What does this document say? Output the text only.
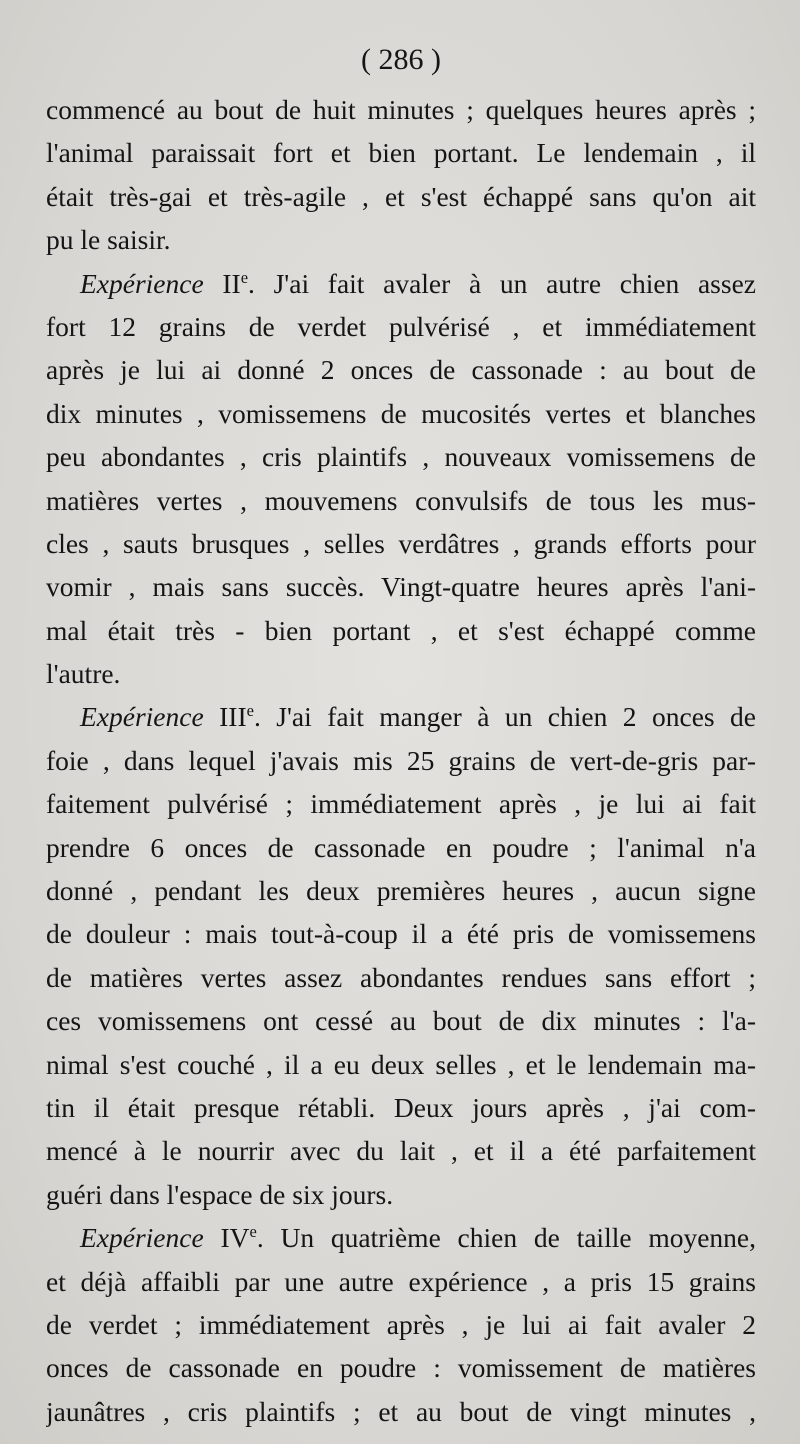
( 286 )
commencé au bout de huit minutes ; quelques heures après ;
l'animal paraissait fort et bien portant. Le lendemain , il
était très-gai et très-agile , et s'est échappé sans qu'on ait
pu le saisir.
Expérience IIe. J'ai fait avaler à un autre chien assez
fort 12 grains de verdet pulvérisé , et immédiatement
après je lui ai donné 2 onces de cassonade : au bout de
dix minutes , vomissemens de mucosités vertes et blanches
peu abondantes , cris plaintifs , nouveaux vomissemens de
matières vertes , mouvemens convulsifs de tous les mus-
cles , sauts brusques , selles verdâtres , grands efforts pour
vomir , mais sans succès. Vingt-quatre heures après l'ani-
mal était très - bien portant , et s'est échappé comme
l'autre.
Expérience IIIe. J'ai fait manger à un chien 2 onces de
foie , dans lequel j'avais mis 25 grains de vert-de-gris par-
faitement pulvérisé ; immédiatement après , je lui ai fait
prendre 6 onces de cassonade en poudre ; l'animal n'a
donné , pendant les deux premières heures , aucun signe
de douleur : mais tout-à-coup il a été pris de vomissemens
de matières vertes assez abondantes rendues sans effort ;
ces vomissemens ont cessé au bout de dix minutes : l'a-
nimal s'est couché , il a eu deux selles , et le lendemain ma-
tin il était presque rétabli. Deux jours après , j'ai com-
mencé à le nourrir avec du lait , et il a été parfaitement
guéri dans l'espace de six jours.
Expérience IVe. Un quatrième chien de taille moyenne,
et déjà affaibli par une autre expérience , a pris 15 grains
de verdet ; immédiatement après , je lui ai fait avaler 2
onces de cassonade en poudre : vomissement de matières
jaunâtres , cris plaintifs ; et au bout de vingt minutes ,
